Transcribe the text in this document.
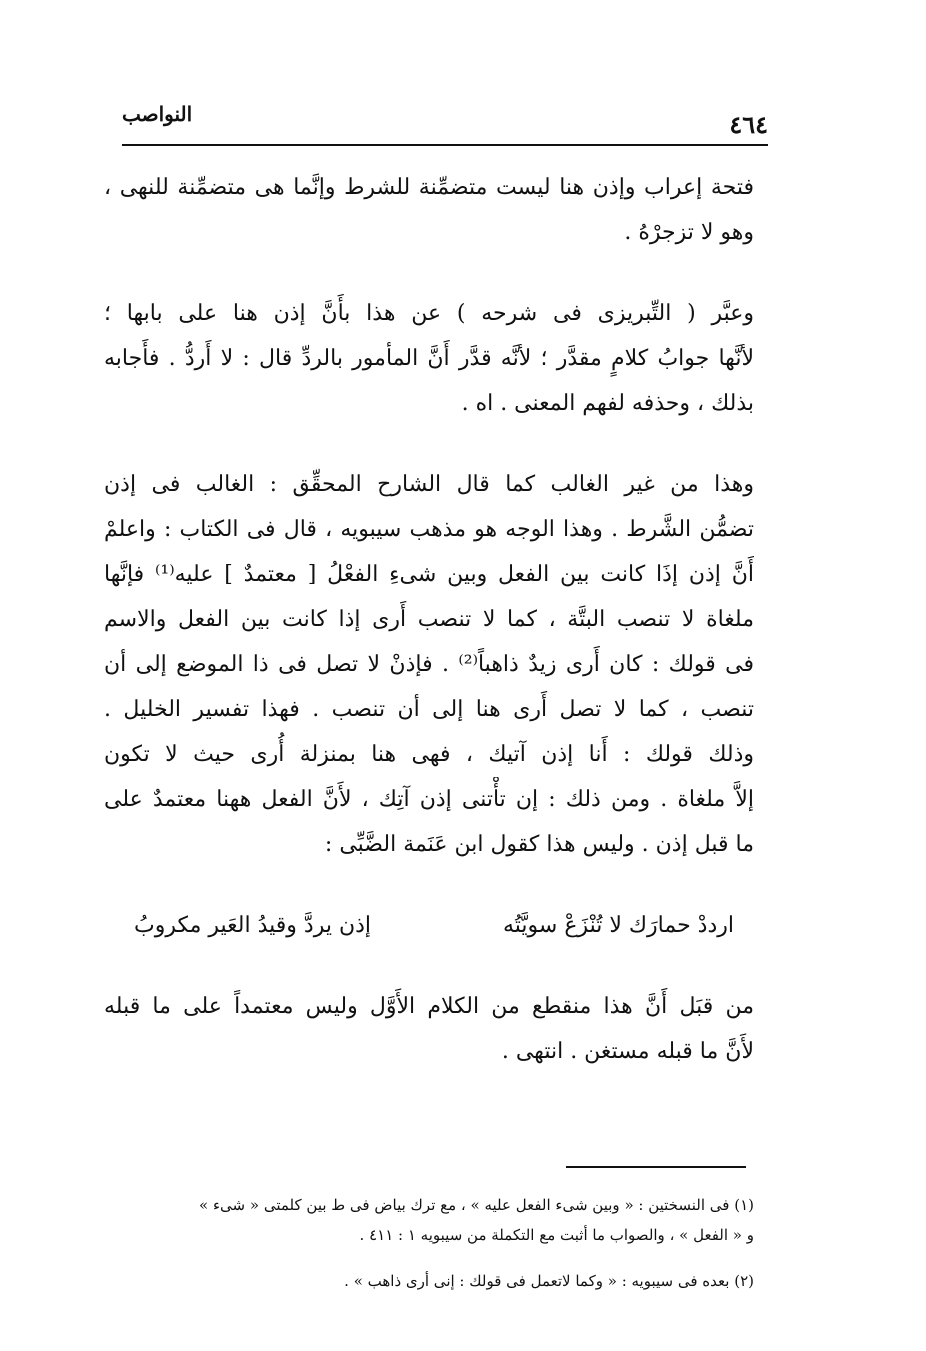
٤٦٤
النواصب
فتحة إعراب وإذن هنا ليست متضمِّنة للشرط وإنَّما هى متضمِّنة للنهى ،
وهو لا تزجرْهُ .
وعبَّر ( التِّبريزى فى شرحه ) عن هذا بأَنَّ إذن هنا على بابها ؛
لأنَّها جوابُ كلامٍ مقدَّر ؛ لأنَّه قدَّر أَنَّ المأمور بالردِّ قال : لا أَردُّ . فأَجابه
بذلك ، وحذفه لفهم المعنى . اه .
وهذا من غير الغالب كما قال الشارح المحقِّق : الغالب فى إذن
تضمُّن الشَّرط . وهذا الوجه هو مذهب سيبويه ، قال فى الكتاب : واعلمْ
أَنَّ إذن إذَا كانت بين الفعل وبين شىءِ الفعْلُ [ معتمدٌ ] عليه⁽¹⁾ فإنَّها
ملغاة لا تنصب البتَّة ، كما لا تنصب أَرى إذا كانت بين الفعل والاسم
فى قولك : كان أَرى زيدٌ ذاهباً⁽²⁾ . فإذنْ لا تصل فى ذا الموضع إلى أن
تنصب ، كما لا تصل أَرى هنا إلى أن تنصب . فهذا تفسير الخليل .
وذلك قولك : أَنا إذن آتيك ، فهى هنا بمنزلة أُرى حيث لا تكون
إلاَّ ملغاة . ومن ذلك : إن تأْتنى إذن آتِك ، لأَنَّ الفعل ههنا معتمدٌ على
ما قبل إذن . وليس هذا كقول ابن عَنَمة الضَّبِّى :
ارددْ حمارَك لا تُنْزَعْ سويَّتُه
إذن يردَّ وقيدُ العَير مكروبُ
من قبَل أَنَّ هذا منقطع من الكلام الأَوَّل وليس معتمداً على ما قبله
لأَنَّ ما قبله مستغن . انتهى .
(١) فى النسختين : « وبين شىء الفعل عليه » ، مع ترك بياض فى ط بين كلمتى « شىء »
و « الفعل » ، والصواب ما أثبت مع التكملة من سيبويه ١ : ٤١١ .
(٢) بعده فى سيبويه : « وكما لاتعمل فى قولك : إنى أرى ذاهب » .
